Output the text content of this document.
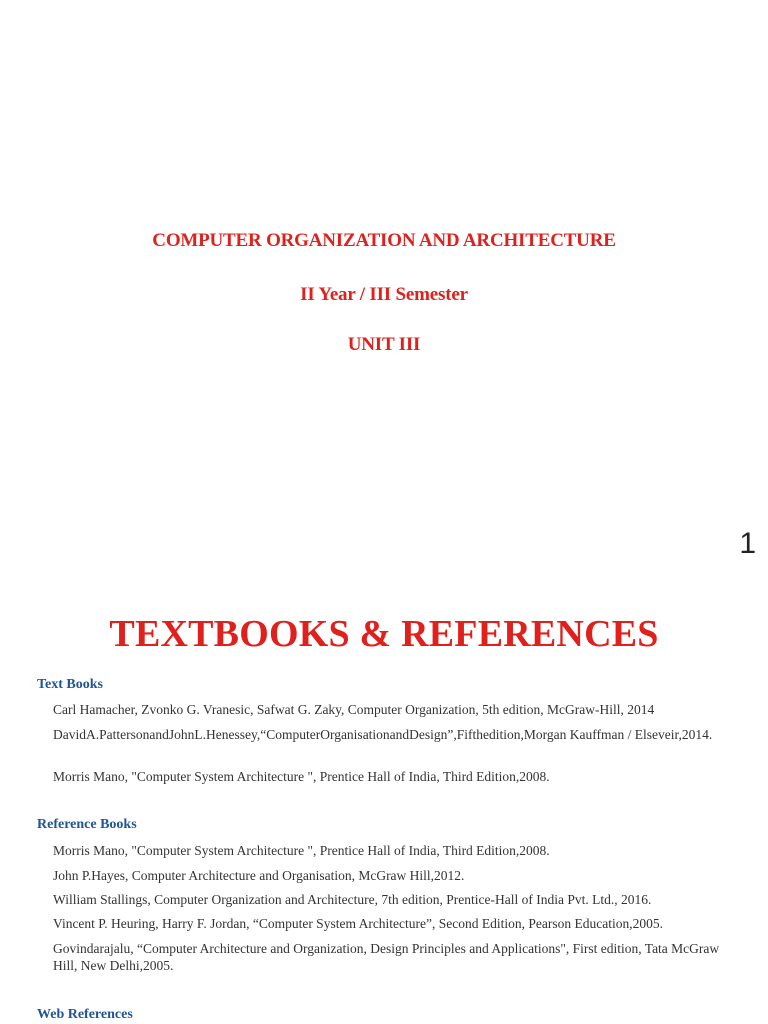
COMPUTER ORGANIZATION AND ARCHITECTURE
II Year / III Semester
UNIT III
1
TEXTBOOKS & REFERENCES
Text Books
Carl Hamacher, Zvonko G. Vranesic, Safwat G. Zaky, Computer Organization, 5th edition, McGraw-Hill, 2014
DavidA.PattersonandJohnL.Henessey,“ComputerOrganisationandDesign”,Fifthedition,Morgan Kauffman / Elseveir,2014.
Morris Mano, "Computer System Architecture ", Prentice Hall of India, Third Edition,2008.
Reference Books
Morris Mano, "Computer System Architecture ", Prentice Hall of India, Third Edition,2008.
John P.Hayes, Computer Architecture and Organisation, McGraw Hill,2012.
William Stallings, Computer Organization and Architecture, 7th edition, Prentice-Hall of India Pvt. Ltd., 2016.
Vincent P. Heuring, Harry F. Jordan, “Computer System Architecture”, Second Edition, Pearson Education,2005.
Govindarajalu, “Computer Architecture and Organization, Design Principles and Applications", First edition, Tata McGraw Hill, New Delhi,2005.
Web References
